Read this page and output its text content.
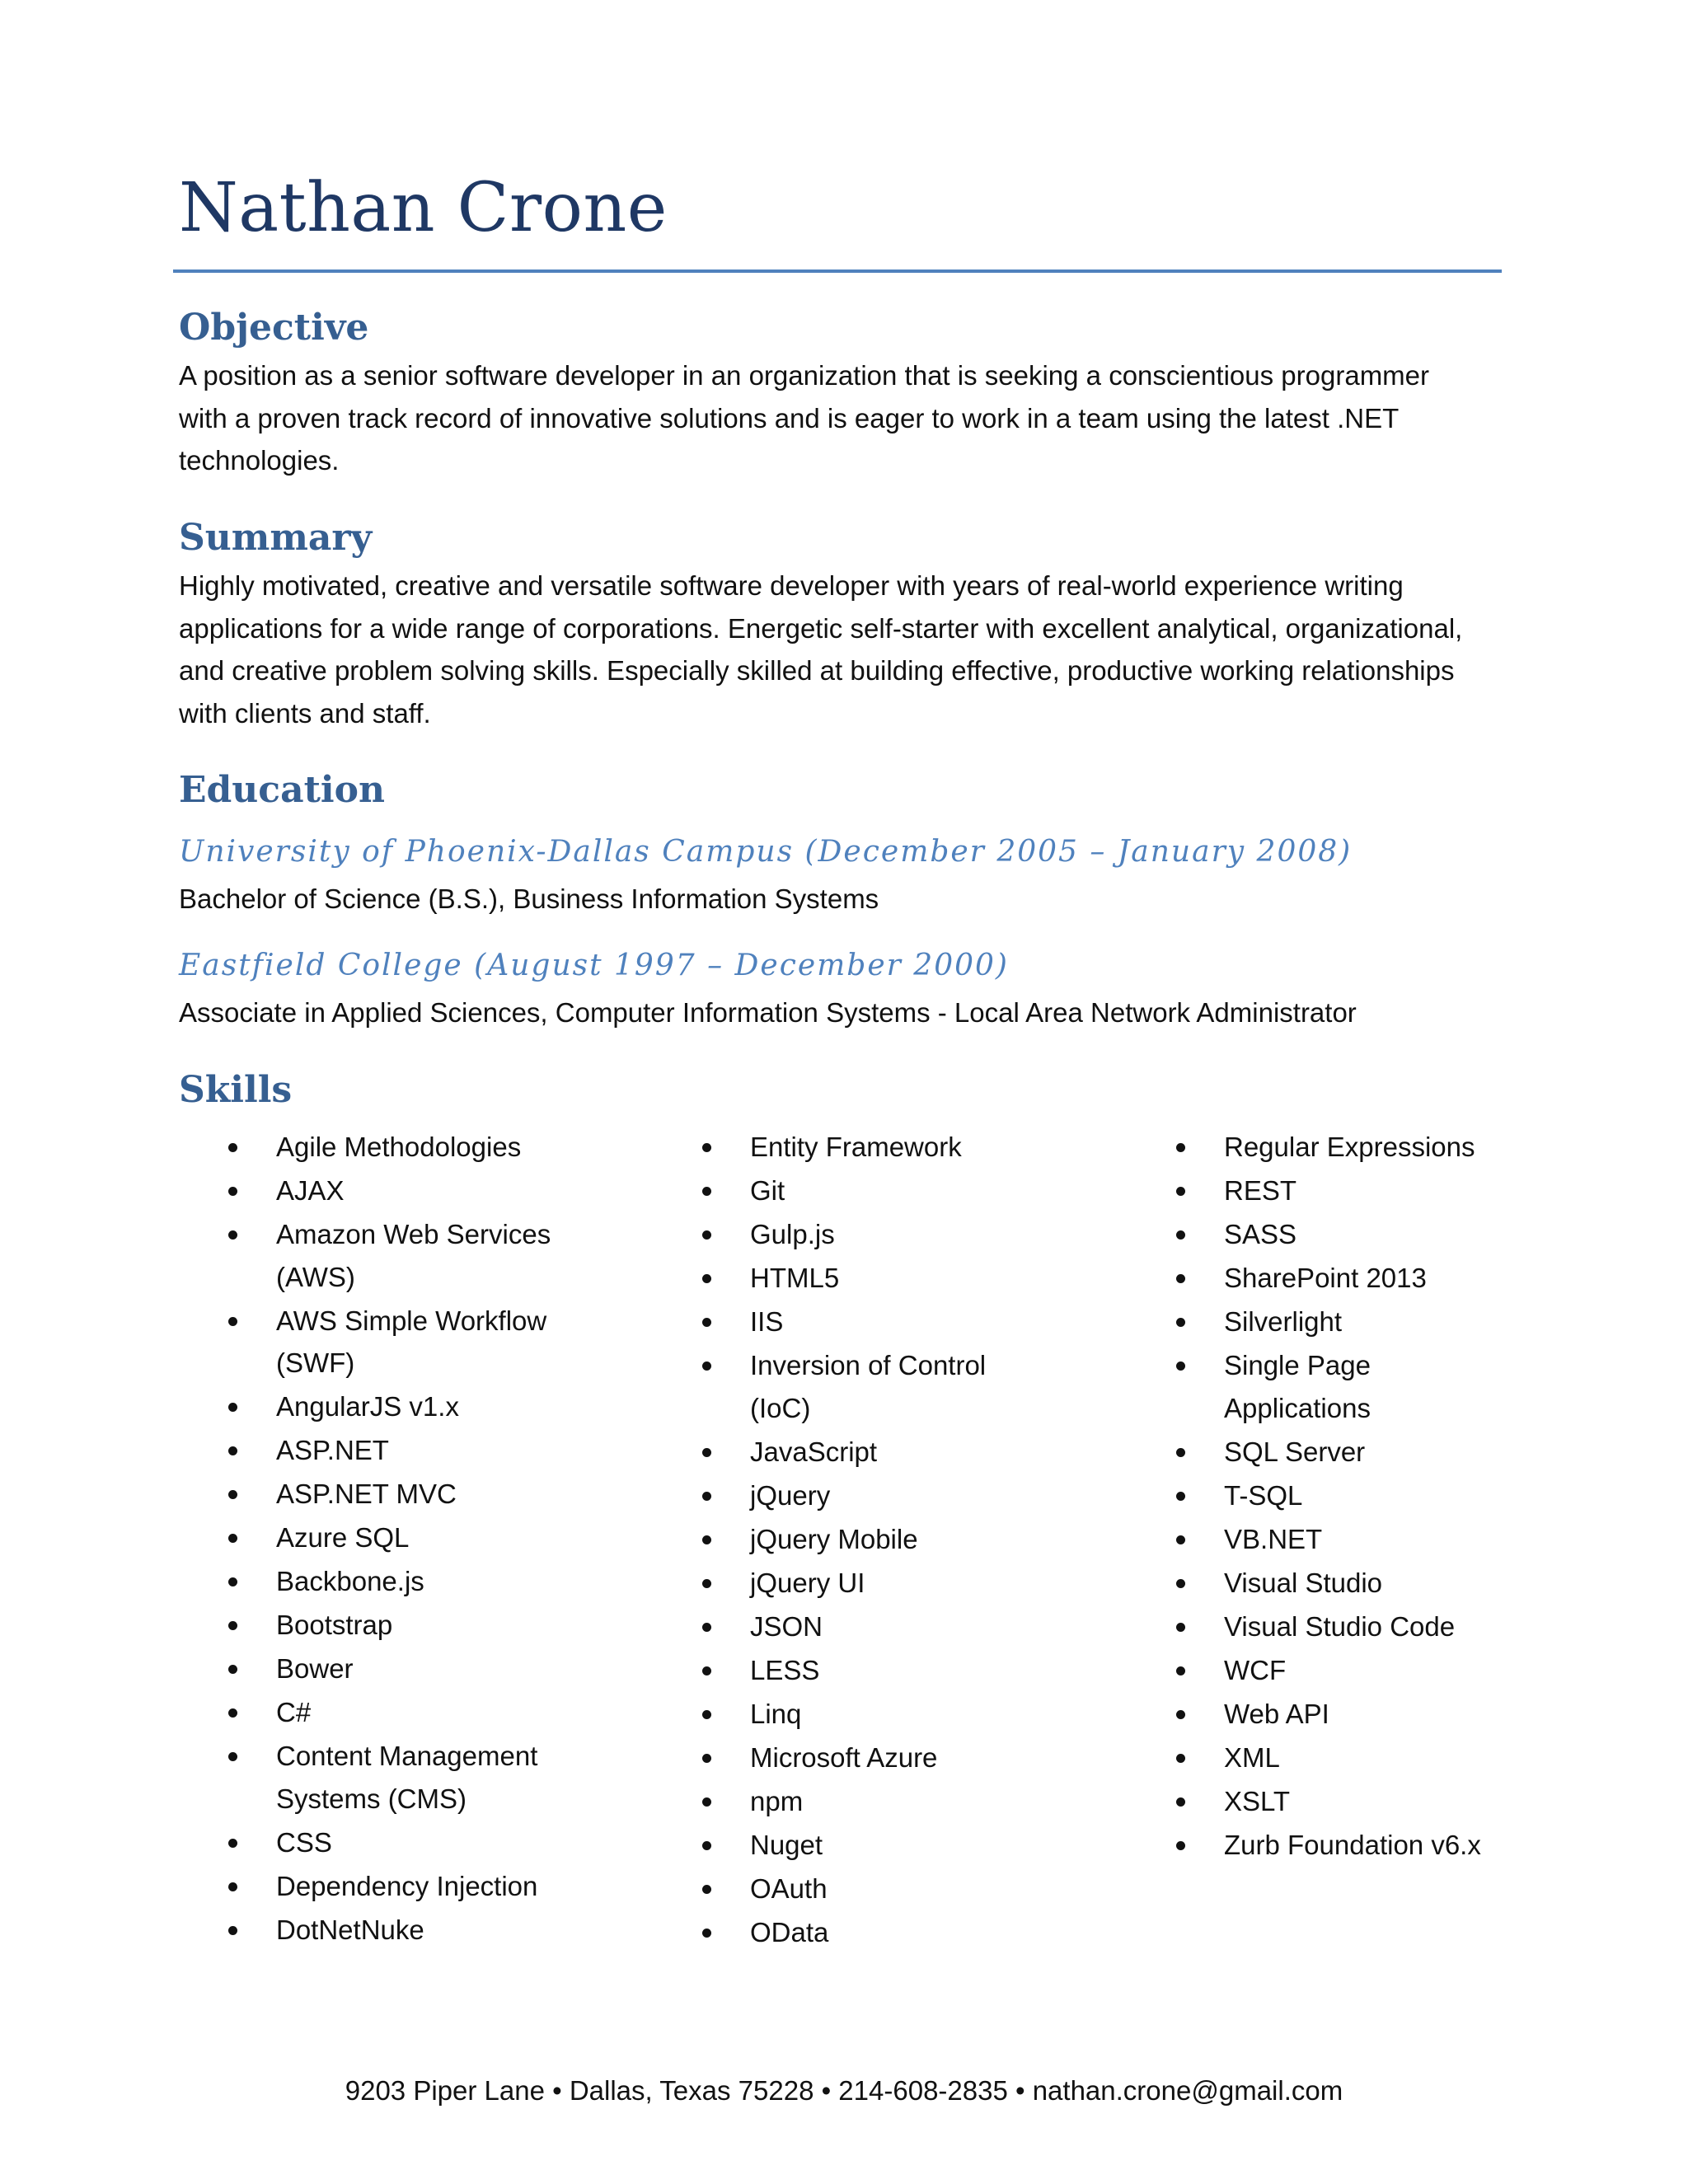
Nathan Crone
Objective

A position as a senior software developer in an organization that is seeking a conscientious programmer

with a proven track record of innovative solutions and is eager to work in a team using the latest .NET

technologies.

Summary

Highly motivated, creative and versatile software developer with years of real-world experience writing

applications for a wide range of corporations. Energetic self-starter with excellent analytical, organizational,

and creative problem solving skills. Especially skilled at building effective, productive working relationships

with clients and staff.

Education
University of Phoenix-Dallas Campus (December 2005 – January 2008)
Bachelor of Science (B.S.), Business Information Systems
Eastfield College (August 1997 – December 2000)
Associate in Applied Sciences, Computer Information Systems - Local Area Network Administrator
Skills
Agile Methodologies
AJAX
Amazon Web Services
(AWS)
AWS Simple Workflow
(SWF)
AngularJS v1.x
ASP.NET
ASP.NET MVC
Azure SQL
Backbone.js
Bootstrap
Bower
C#
Content Management
Systems (CMS)
CSS
Dependency Injection
DotNetNuke
Entity Framework
Git
Gulp.js
HTML5
IIS
Inversion of Control
(IoC)
JavaScript
jQuery
jQuery Mobile
jQuery UI
JSON
LESS
Linq
Microsoft Azure
npm
Nuget
OAuth
OData
Regular Expressions
REST
SASS
SharePoint 2013
Silverlight
Single Page
Applications
SQL Server
T-SQL
VB.NET
Visual Studio
Visual Studio Code
WCF
Web API
XML
XSLT
Zurb Foundation v6.x
9203 Piper Lane • Dallas, Texas 75228 • 214-608-2835 • nathan.crone@gmail.com
